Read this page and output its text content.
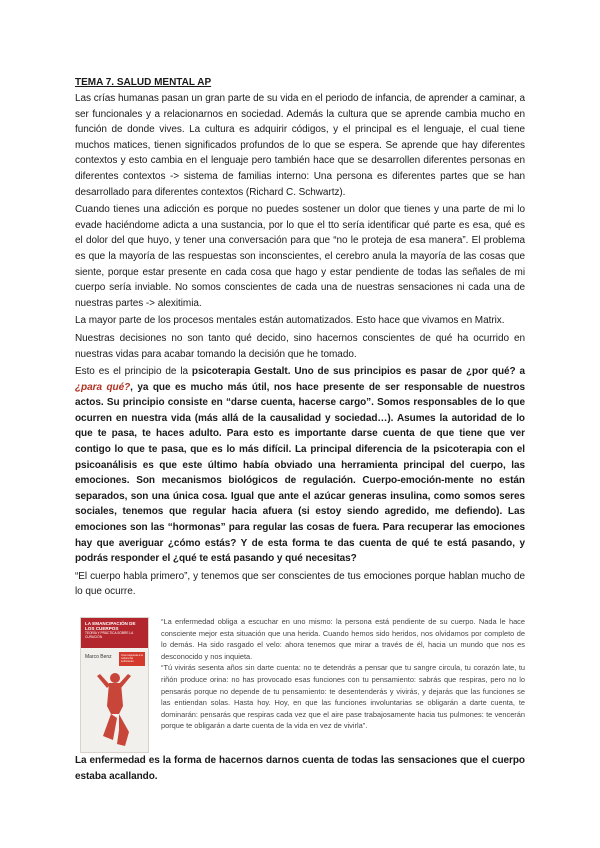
TEMA 7. SALUD MENTAL AP

Las crías humanas pasan un gran parte de su vida en el periodo de infancia, de aprender a caminar, a ser funcionales y a relacionarnos en sociedad. Además la cultura que se aprende cambia mucho en función de donde vives. La cultura es adquirir códigos, y el principal es el lenguaje, el cual tiene muchos matices, tienen significados profundos de lo que se espera. Se aprende que hay diferentes contextos y esto cambia en el lenguaje pero también hace que se desarrollen diferentes personas en diferentes contextos -> sistema de familias interno: Una persona es diferentes partes que se han desarrollado para diferentes contextos (Richard C. Schwartz).

Cuando tienes una adicción es porque no puedes sostener un dolor que tienes y una parte de mi lo evade haciéndome adicta a una sustancia, por lo que el tto sería identificar qué parte es esa, qué es el dolor del que huyo, y tener una conversación para que “no le proteja de esa manera”. El problema es que la mayoría de las respuestas son inconscientes, el cerebro anula la mayoría de las cosas que siente, porque estar presente en cada cosa que hago y estar pendiente de todas las señales de mi cuerpo sería inviable. No somos conscientes de cada una de nuestras sensaciones ni cada una de nuestras partes -> alexitimia.

La mayor parte de los procesos mentales están automatizados. Esto hace que vivamos en Matrix.

Nuestras decisiones no son tanto qué decido, sino hacernos conscientes de qué ha ocurrido en nuestras vidas para acabar tomando la decisión que he tomado.

Esto es el principio de la psicoterapia Gestalt. Uno de sus principios es pasar de ¿por qué? a ¿para qué?, ya que es mucho más útil, nos hace presente de ser responsable de nuestros actos. Su principio consiste en “darse cuenta, hacerse cargo”. Somos responsables de lo que ocurren en nuestra vida (más allá de la causalidad y sociedad…). Asumes la autoridad de lo que te pasa, te haces adulto. Para esto es importante darse cuenta de que tiene que ver contigo lo que te pasa, que es lo más difícil. La principal diferencia de la psicoterapia con el psicoanálisis es que este último había obviado una herramienta principal del cuerpo, las emociones. Son mecanismos biológicos de regulación. Cuerpo-emoción-mente no están separados, son una única cosa. Igual que ante el azúcar generas insulina, como somos seres sociales, tenemos que regular hacia afuera (si estoy siendo agredido, me defiendo). Las emociones son las “hormonas” para regular las cosas de fuera. Para recuperar las emociones hay que averiguar ¿cómo estás? Y de esta forma te das cuenta de qué te está pasando, y podrás responder el ¿qué te está pasando y qué necesitas?

“El cuerpo habla primero”, y tenemos que ser conscientes de tus emociones porque hablan mucho de lo que ocurre.

LA EMANCIPACIÓN DE LOS CUERPOS
TEORÍA Y PRÁCTICA SOBRE LA CURACIÓN
Marco Benz	Una respuesta a la cultura del sufrimiento

“La enfermedad obliga a escuchar en uno mismo: la persona está pendiente de su cuerpo. Nada le hace consciente mejor esta situación que una herida. Cuando hemos sido heridos, nos olvidamos por completo de lo demás. Ha sido rasgado el velo: ahora tenemos que mirar a través de él, hacia un mundo que nos es desconocido y nos inquieta.

“Tú vivirás sesenta años sin darte cuenta: no te detendrás a pensar que tu sangre circula, tu corazón late, tu riñón produce orina: no has provocado esas funciones con tu pensamiento: sabrás que respiras, pero no lo pensarás porque no depende de tu pensamiento: te desentenderás y vivirás, y dejarás que las funciones se las entiendan solas. Hasta hoy. Hoy, en que las funciones involuntarias se obligarán a darte cuenta, te dominarán: pensarás que respiras cada vez que el aire pase trabajosamente hacia tus pulmones: te vencerán porque te obligarán a darte cuenta de la vida en vez de vivirla”.

La enfermedad es la forma de hacernos darnos cuenta de todas las sensaciones que el cuerpo estaba acallando.
